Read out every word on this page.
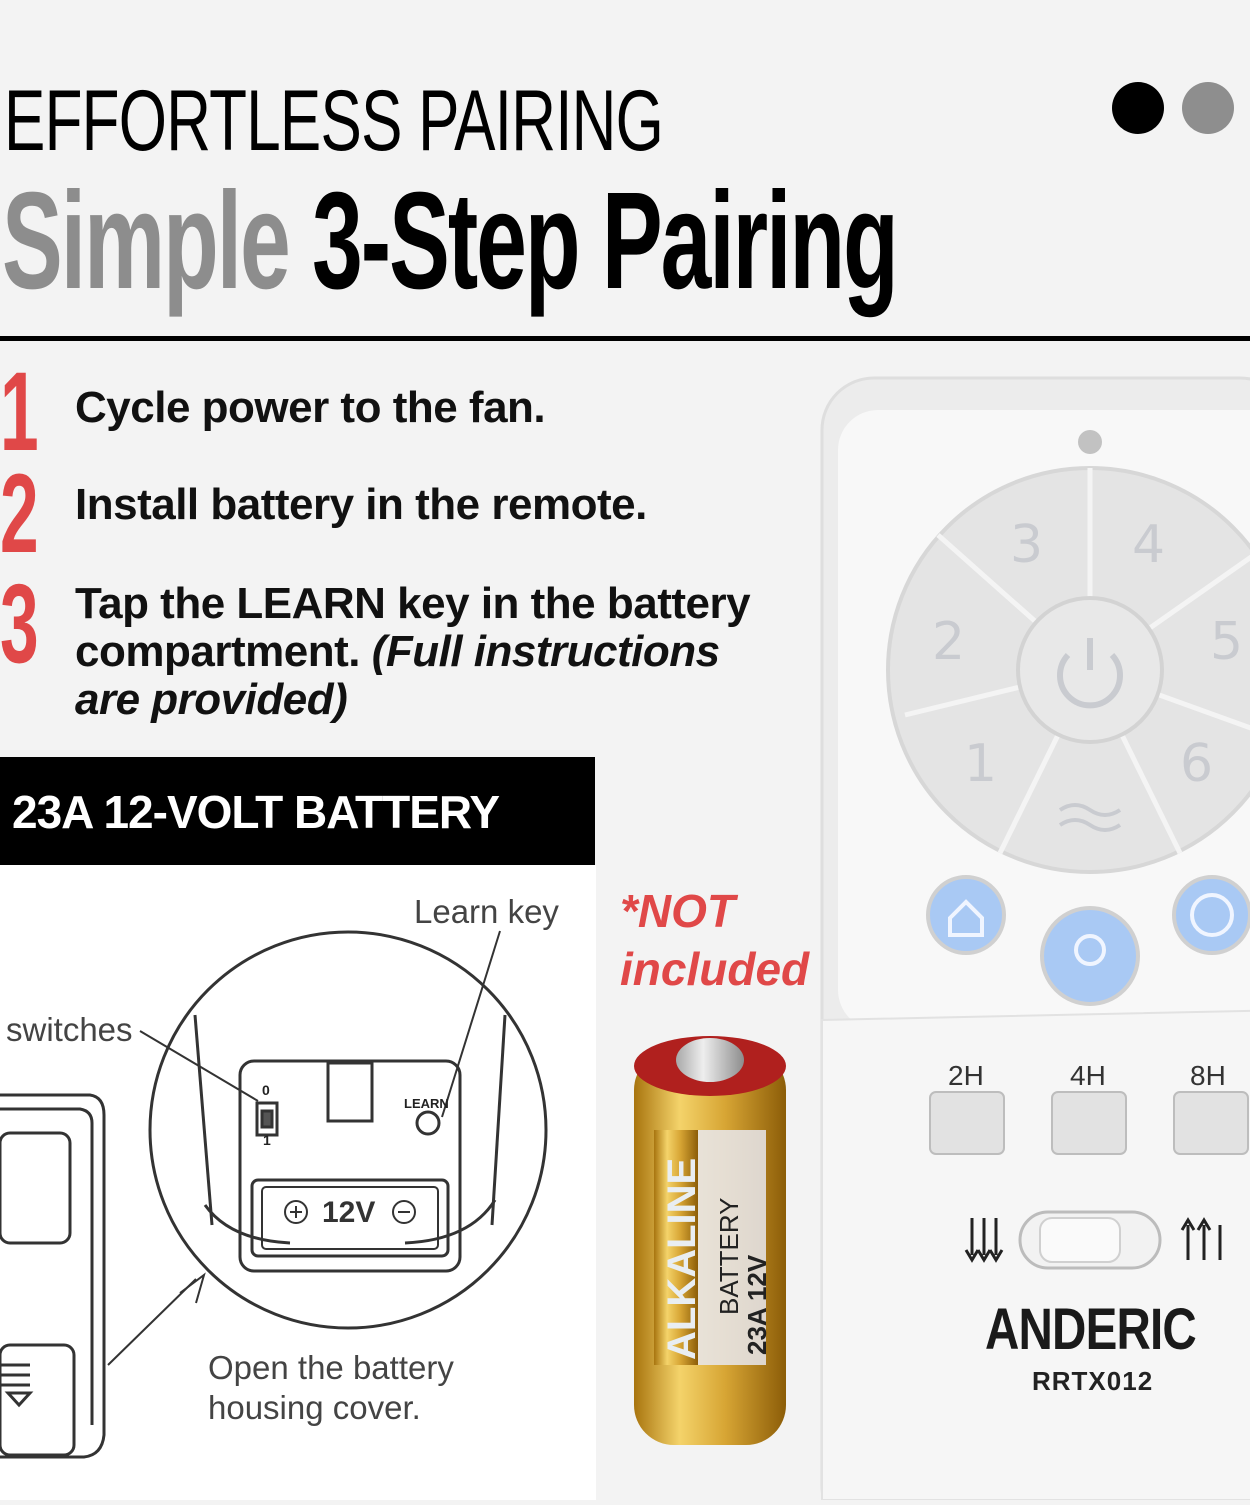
EFFORTLESS PAIRING
Simple 3-Step Pairing
1 Cycle power to the fan.
2 Install battery in the remote.
3 Tap the LEARN key in the battery compartment. (Full instructions are provided)
23A 12-VOLT BATTERY
Learn key
switches
LEARN
0
1
12V
Open the battery
housing cover.
*NOT
included
ALKALINE BATTERY
23A 12V
3 4
2	5
1	6
2H	4H	8H
ANDERIC
RRTX012
